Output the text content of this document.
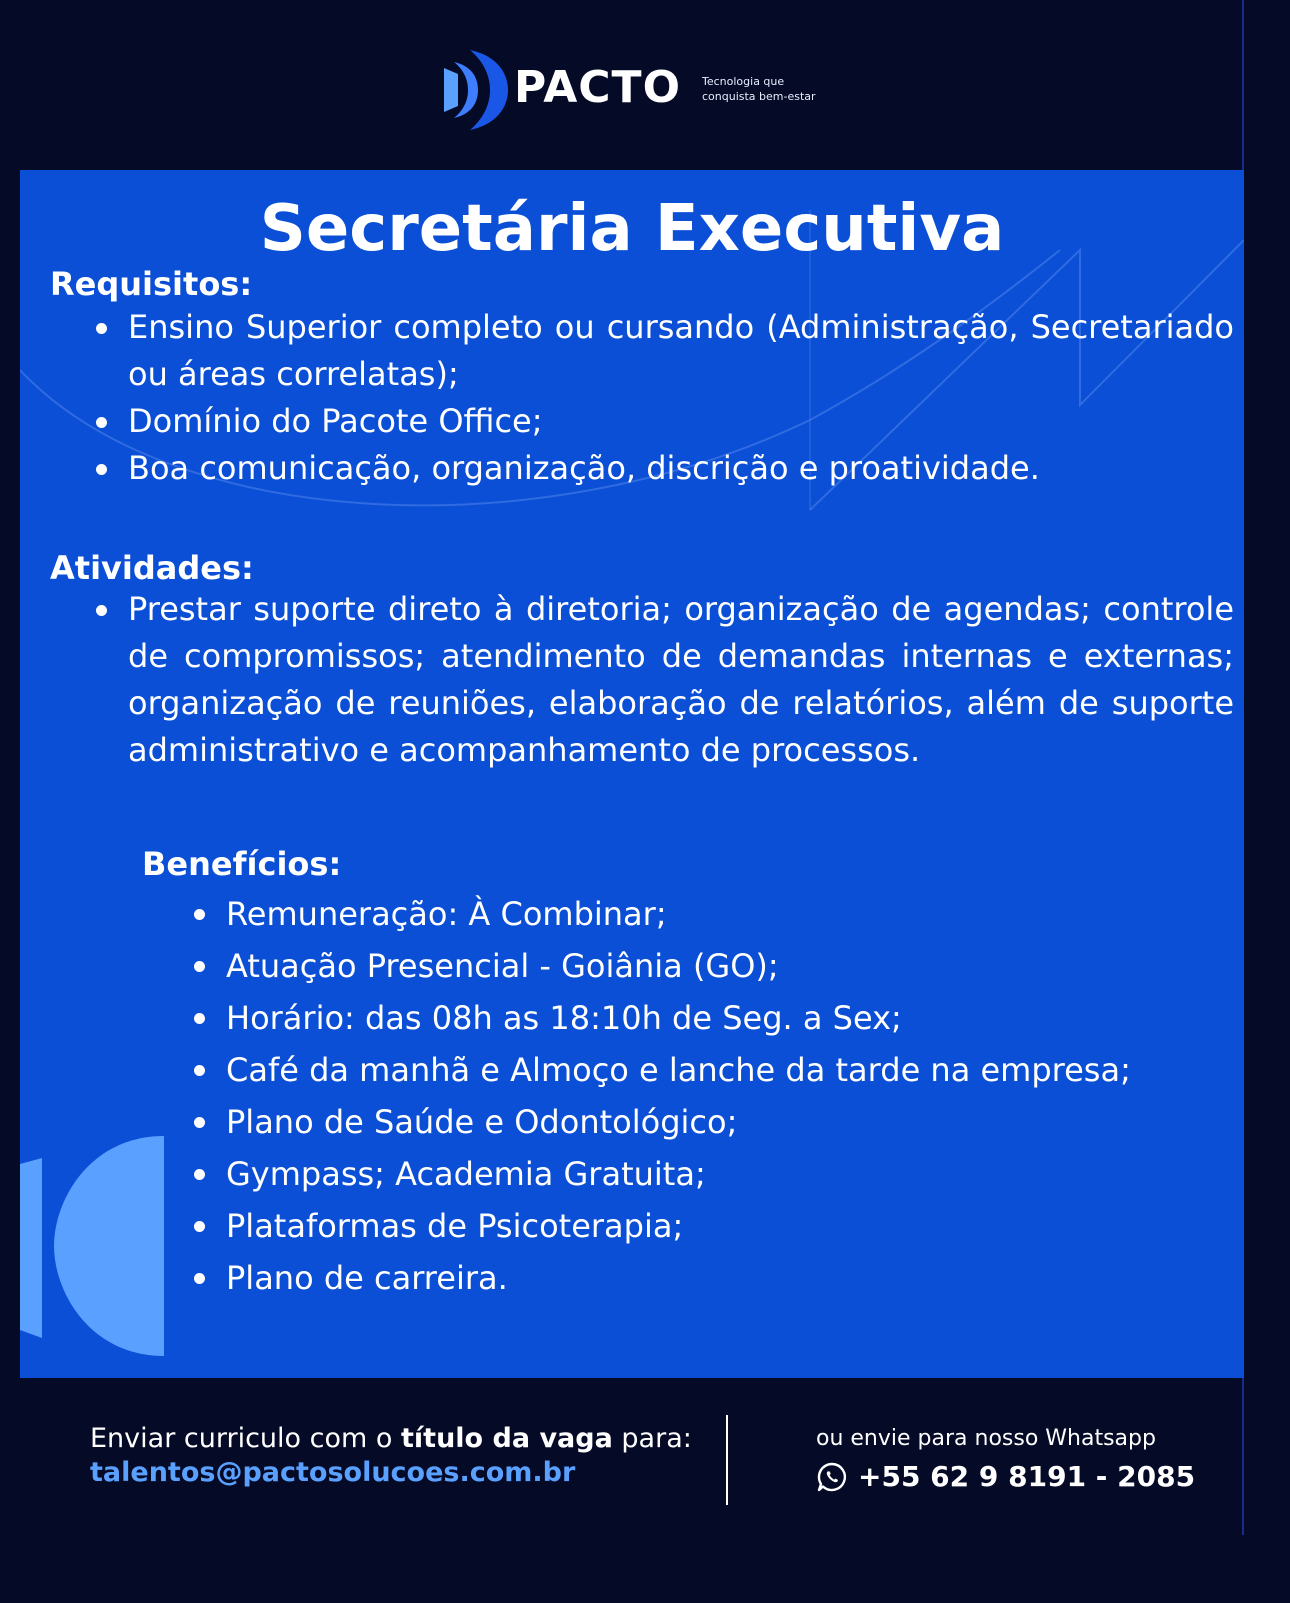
PACTO Tecnologia que
conquista bem-estar
Secretária Executiva
Requisitos:
Ensino Superior completo ou cursando (Administração, Secretariado ou áreas correlatas);
Domínio do Pacote Office;
Boa comunicação, organização, discrição e proatividade.
Atividades:
Prestar suporte direto à diretoria; organização de agendas; controle de compromissos; atendimento de demandas internas e externas; organização de reuniões, elaboração de relatórios, além de suporte administrativo e acompanhamento de processos.
Benefícios:
Remuneração: À Combinar;
Atuação Presencial - Goiânia (GO);
Horário: das 08h as 18:10h de Seg. a Sex;
Café da manhã e Almoço e lanche da tarde na empresa;
Plano de Saúde e Odontológico;
Gympass; Academia Gratuita;
Plataformas de Psicoterapia;
Plano de carreira.
Enviar curriculo com o título da vaga para:
talentos@pactosolucoes.com.br
ou envie para nosso Whatsapp
+55 62 9 8191 - 2085
